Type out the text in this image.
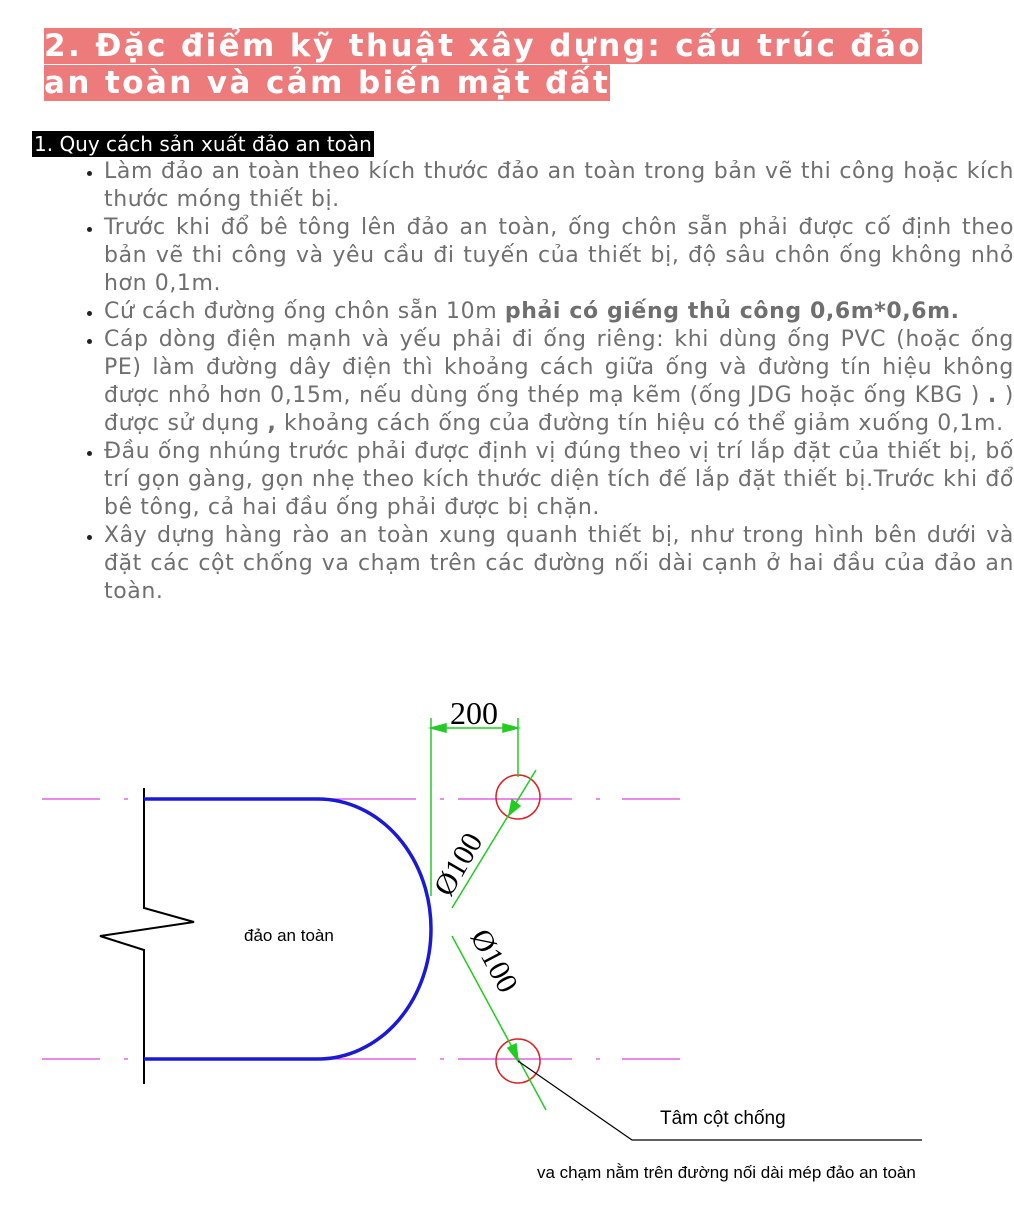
2. Đặc điểm kỹ thuật xây dựng: cấu trúc đảo an toàn và cảm biến mặt đất
1. Quy cách sản xuất đảo an toàn
• Làm đảo an toàn theo kích thước đảo an toàn trong bản vẽ thi công hoặc kích thước móng thiết bị.
• Trước khi đổ bê tông lên đảo an toàn, ống chôn sẵn phải được cố định theo bản vẽ thi công và yêu cầu đi tuyến của thiết bị, độ sâu chôn ống không nhỏ hơn 0,1m.
• Cứ cách đường ống chôn sẵn 10m phải có giếng thủ công 0,6m*0,6m.
• Cáp dòng điện mạnh và yếu phải đi ống riêng: khi dùng ống PVC (hoặc ống PE) làm đường dây điện thì khoảng cách giữa ống và đường tín hiệu không được nhỏ hơn 0,15m, nếu dùng ống thép mạ kẽm (ống JDG hoặc ống KBG ) . ) được sử dụng , khoảng cách ống của đường tín hiệu có thể giảm xuống 0,1m.
• Đầu ống nhúng trước phải được định vị đúng theo vị trí lắp đặt của thiết bị, bố trí gọn gàng, gọn nhẹ theo kích thước diện tích đế lắp đặt thiết bị.Trước khi đổ bê tông, cả hai đầu ống phải được bị chặn.
• Xây dựng hàng rào an toàn xung quanh thiết bị, như trong hình bên dưới và đặt các cột chống va chạm trên các đường nối dài cạnh ở hai đầu của đảo an toàn.
200
Ø100
Ø100
đảo an toàn
Tâm cột chống
va chạm nằm trên đường nối dài mép đảo an toàn
